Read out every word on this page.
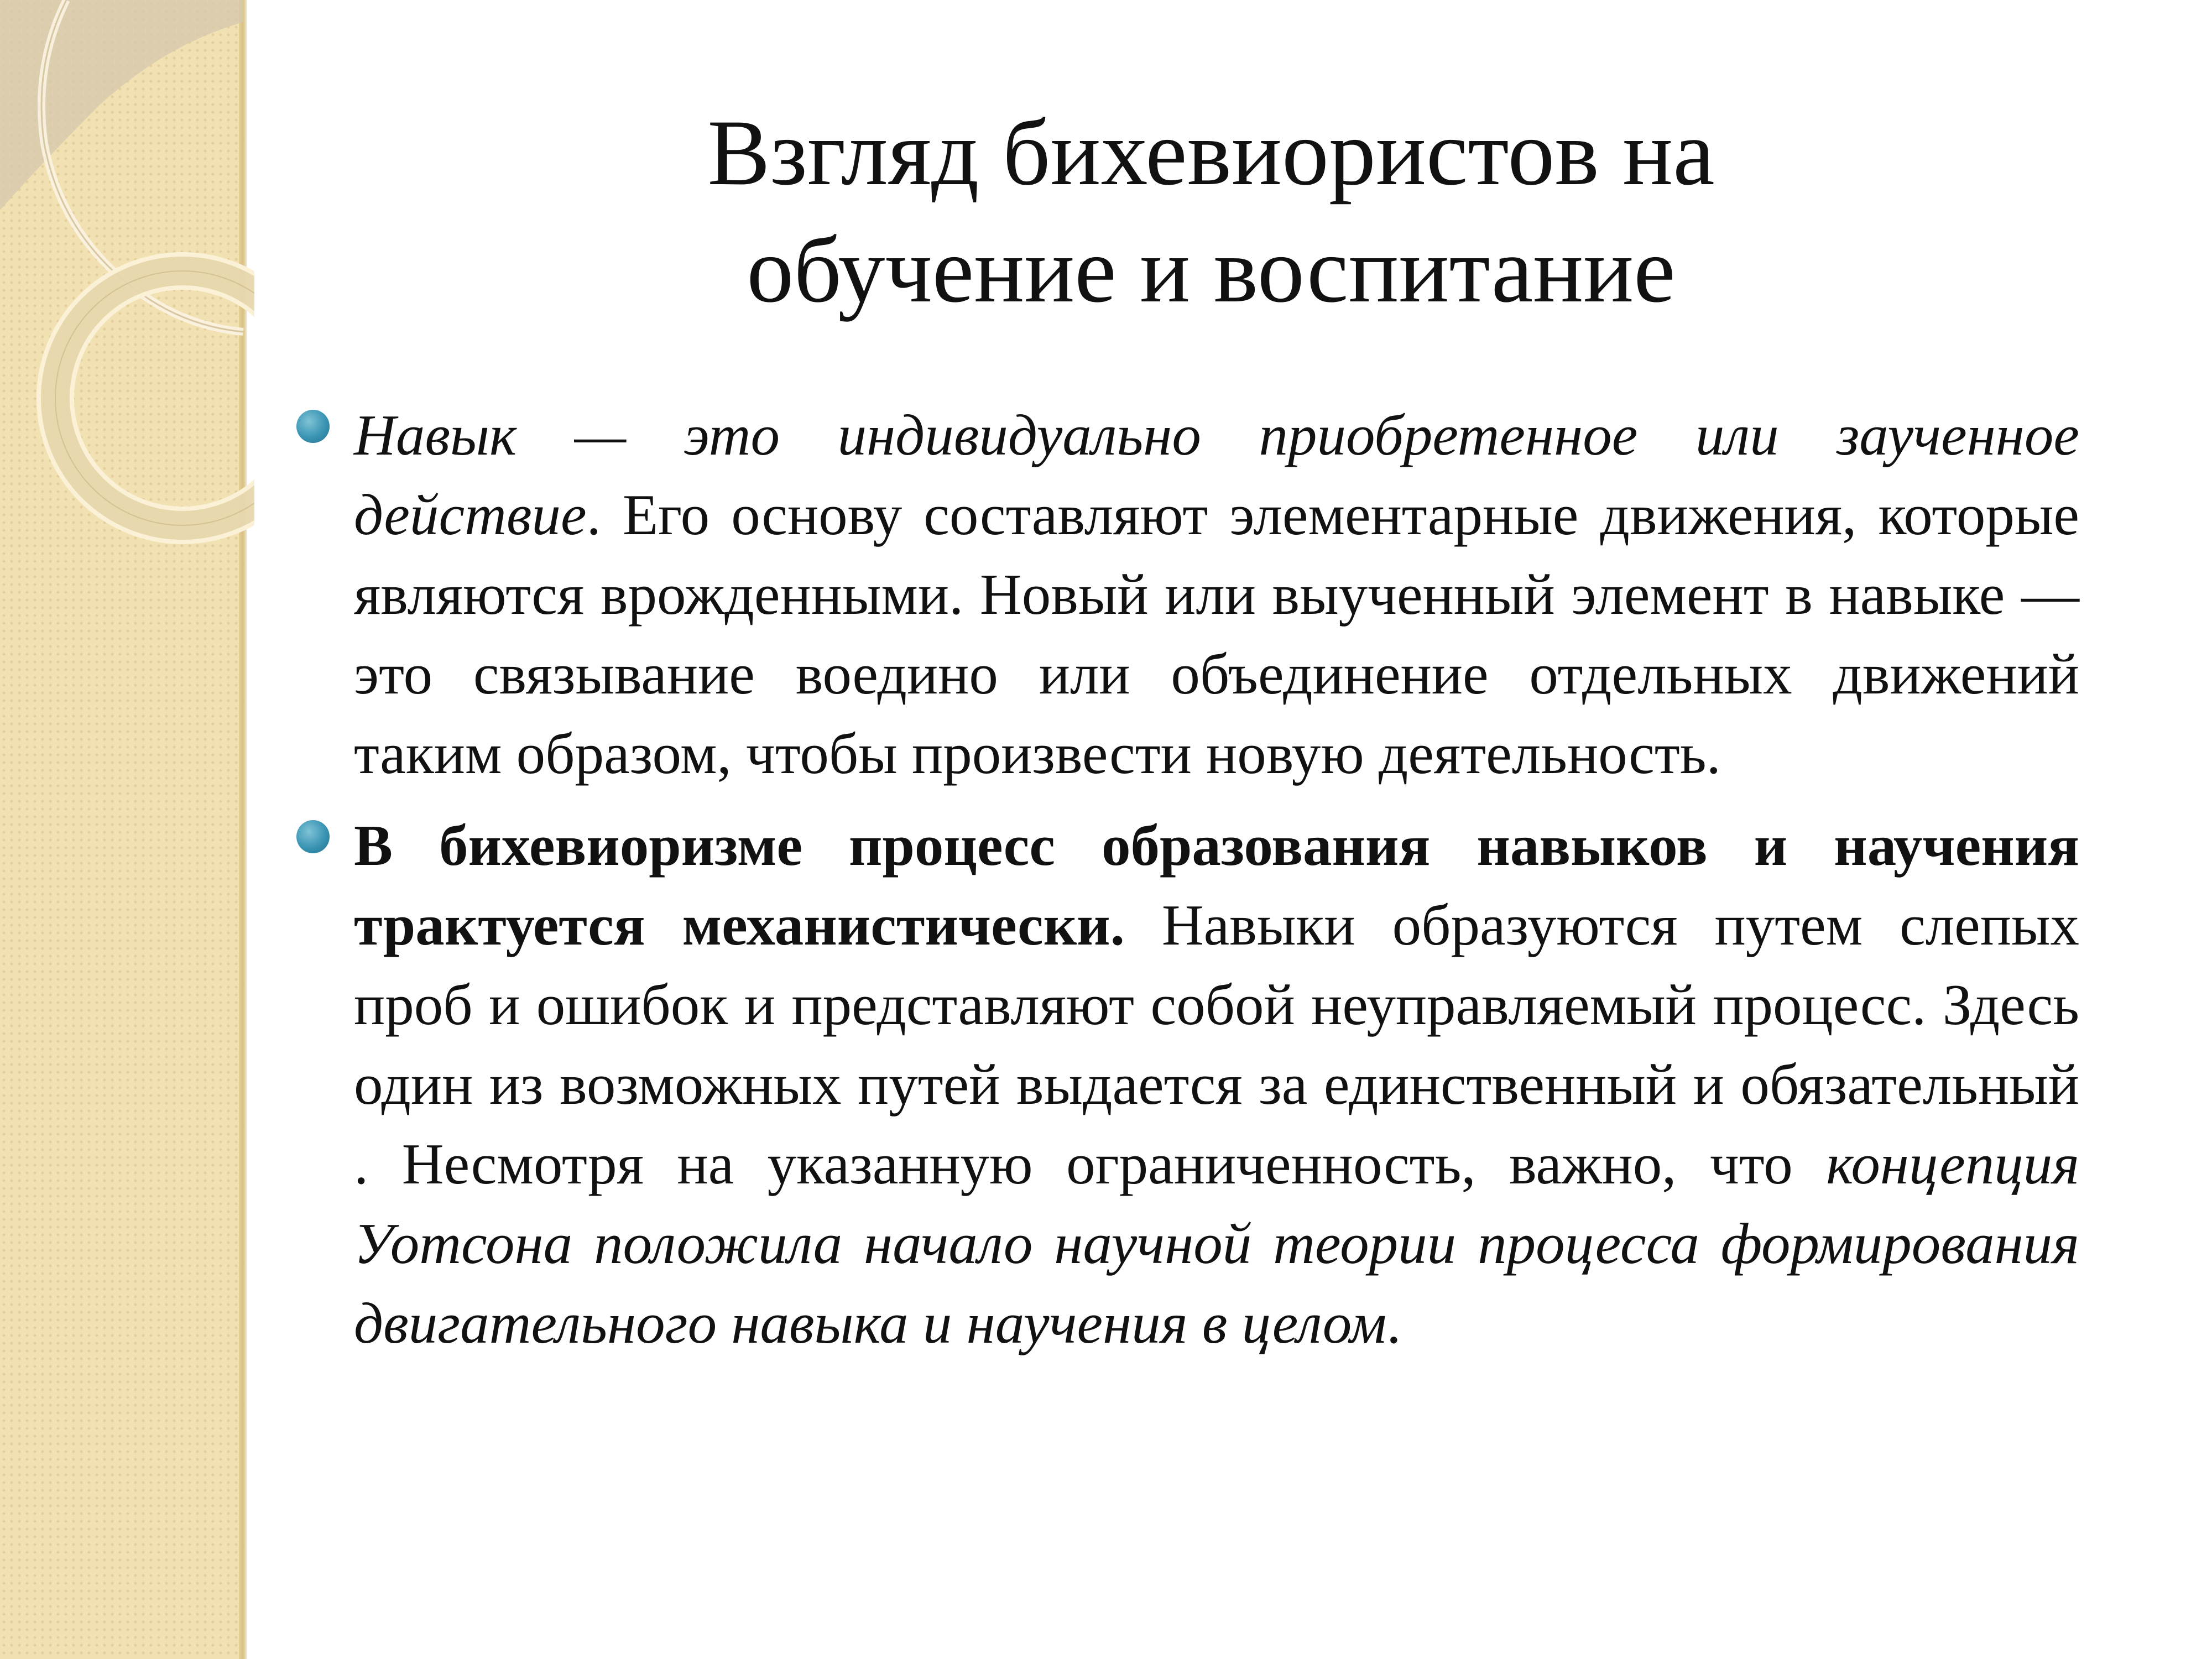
Взгляд бихевиористов на
обучение и воспитание
Навык — это индивидуально приобретенное или заученное действие. Его основу составляют элементарные движения, которые являются врожденными. Новый или выученный элемент в навыке — это связывание воедино или объединение отдельных движений таким образом, чтобы произвести новую деятельность.
В бихевиоризме процесс образования навыков и научения трактуется механистически. Навыки образуются путем слепых проб и ошибок и представляют собой неуправляемый процесс. Здесь один из возможных путей выдается за единственный и обязательный . Несмотря на указанную ограниченность, важно, что концепция Уотсона положила начало научной теории процесса формирования двигательного навыка и научения в целом.
